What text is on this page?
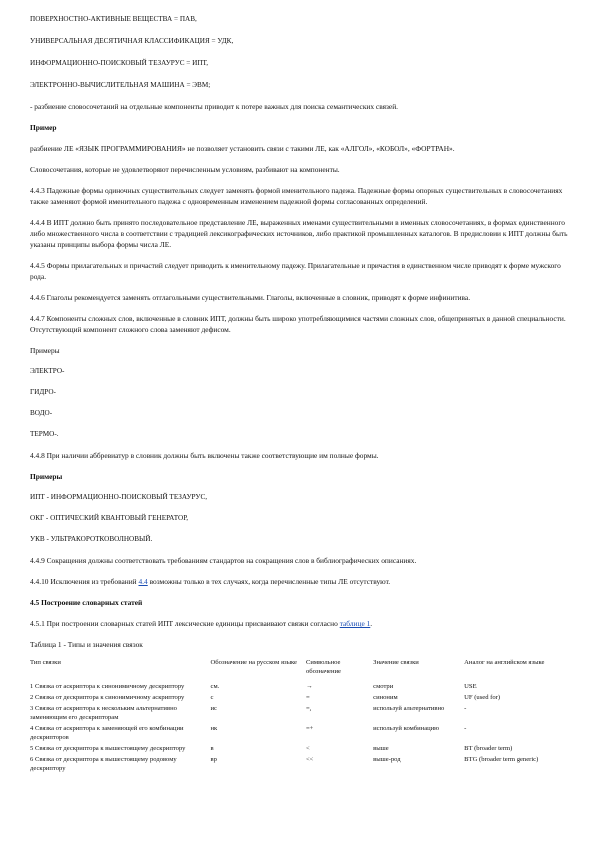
ПОВЕРХНОСТНО-АКТИВНЫЕ ВЕЩЕСТВА = ПАВ,

УНИВЕРСАЛЬНАЯ ДЕСЯТИЧНАЯ КЛАССИФИКАЦИЯ = УДК,

ИНФОРМАЦИОННО-ПОИСКОВЫЙ ТЕЗАУРУС = ИПТ,

ЭЛЕКТРОННО-ВЫЧИСЛИТЕЛЬНАЯ МАШИНА = ЭВМ;

- разбиение словосочетаний на отдельные компоненты приводит к потере важных для поиска семантических связей.

Пример

разбиение ЛЕ «ЯЗЫК ПРОГРАММИРОВАНИЯ» не позволяет установить связи с такими ЛЕ, как «АЛГОЛ», «КОБОЛ», «ФОРТРАН».

Словосочетания, которые не удовлетворяют перечисленным условиям, разбивают на компоненты.

4.4.3 Падежные формы одиночных существительных следует заменять формой именительного падежа. Падежные формы опорных существительных в словосочетаниях также заменяют формой именительного падежа с одновременным изменением падежной формы согласованных определений.

4.4.4 В ИПТ должно быть принято последовательное представление ЛЕ, выраженных именами существительными в именных словосочетаниях, в формах единственного либо множественного числа в соответствии с традицией лексикографических источников, либо практикой промышленных каталогов. В предисловии к ИПТ должны быть указаны принципы выбора формы числа ЛЕ.

4.4.5 Формы прилагательных и причастий следует приводить к именительному падежу. Прилагательные и причастия в единственном числе приводят к форме мужского рода.

4.4.6 Глаголы рекомендуется заменять отглагольными существительными. Глаголы, включенные в словник, приводят к форме инфинитива.

4.4.7 Компоненты сложных слов, включенные в словник ИПТ, должны быть широко употребляющимися частями сложных слов, общепринятых в данной специальности. Отсутствующий компонент сложного слова заменяют дефисом.

Примеры

ЭЛЕКТРО-

ГИДРО-

ВОДО-

ТЕРМО-.

4.4.8 При наличии аббревиатур в словник должны быть включены также соответствующие им полные формы.

Примеры

ИПТ - ИНФОРМАЦИОННО-ПОИСКОВЫЙ ТЕЗАУРУС,

ОКГ - ОПТИЧЕСКИЙ КВАНТОВЫЙ ГЕНЕРАТОР,

УКВ - УЛЬТРАКОРОТКОВОЛНОВЫЙ.

4.4.9 Сокращения должны соответствовать требованиям стандартов на сокращения слов в библиографических описаниях.

4.4.10 Исключения из требований 4.4 возможны только в тех случаях, когда перечисленные типы ЛЕ отсутствуют.

4.5 Построение словарных статей

4.5.1 При построении словарных статей ИПТ лексические единицы присваивают связки согласно таблице 1.

Таблица 1 - Типы и значения связок

Тип связки	Обозначение на русском языке	Символьное обозначение	Значение связки	Аналог на английском языке
1 Связка от аскриптора к синонимичному дескриптору	см.	→	смотри	USE
2 Связка от дескриптора к синонимичному аскриптору	с	=	синоним	UF (used for)
3 Связка от аскриптора к нескольким альтернативно заменяющим его дескрипторам	ис	=,	используй альтернативно	-
4 Связка от аскриптора к заменяющей его комбинации дескрипторов	нк	=+	используй комбинацию	-
5 Связка от дескриптора к вышестоящему дескриптору	в	<	выше	BT (broader term)
6 Связка от дескриптора к вышестоящему родовому дескриптору	вр	<<	выше-род	BTG (broader term generic)
